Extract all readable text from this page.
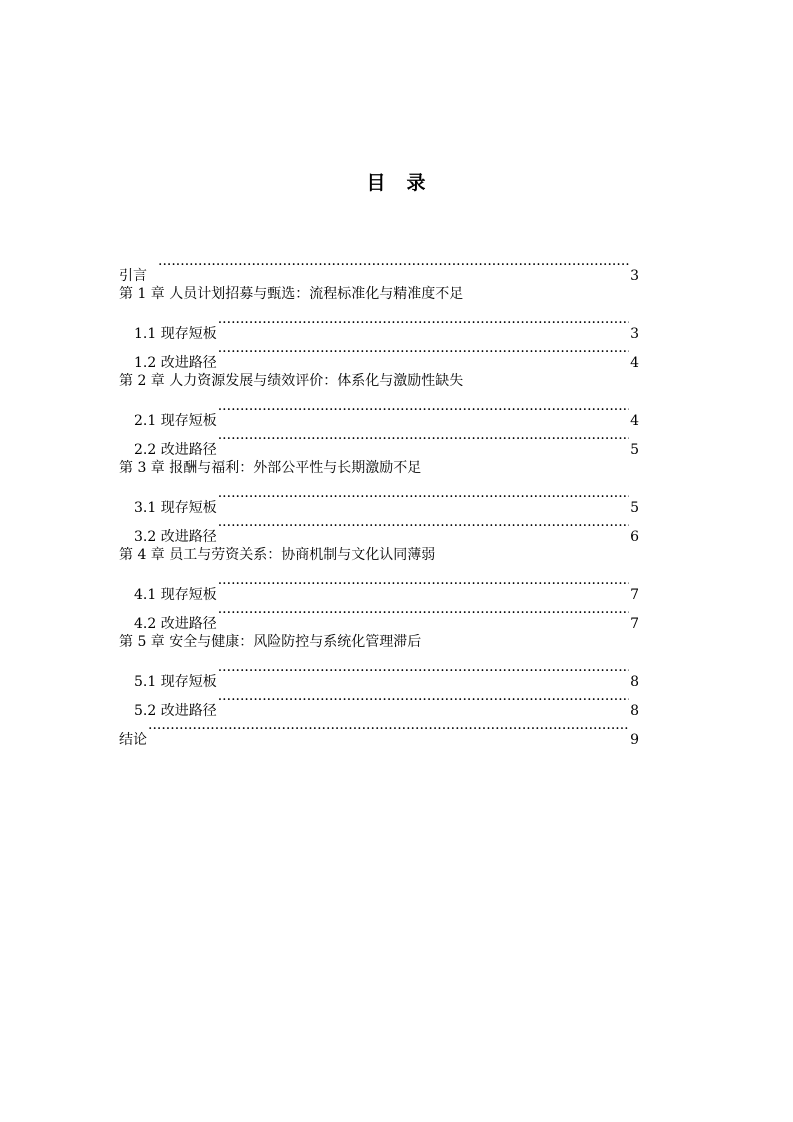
目 录
引言 ·····	3
第 1 章 人员计划招募与甄选：流程标准化与精准度不足
1.1 现存短板 ·····	3
1.2 改进路径 ·····	4
第 2 章 人力资源发展与绩效评价：体系化与激励性缺失
2.1 现存短板 ·····	4
2.2 改进路径 ·····	5
第 3 章 报酬与福利：外部公平性与长期激励不足
3.1 现存短板 ·····	5
3.2 改进路径 ·····	6
第 4 章 员工与劳资关系：协商机制与文化认同薄弱
4.1 现存短板 ·····	7
4.2 改进路径 ·····	7
第 5 章 安全与健康：风险防控与系统化管理滞后
5.1 现存短板 ·····	8
5.2 改进路径 ·····	8
结论 ·····	9
